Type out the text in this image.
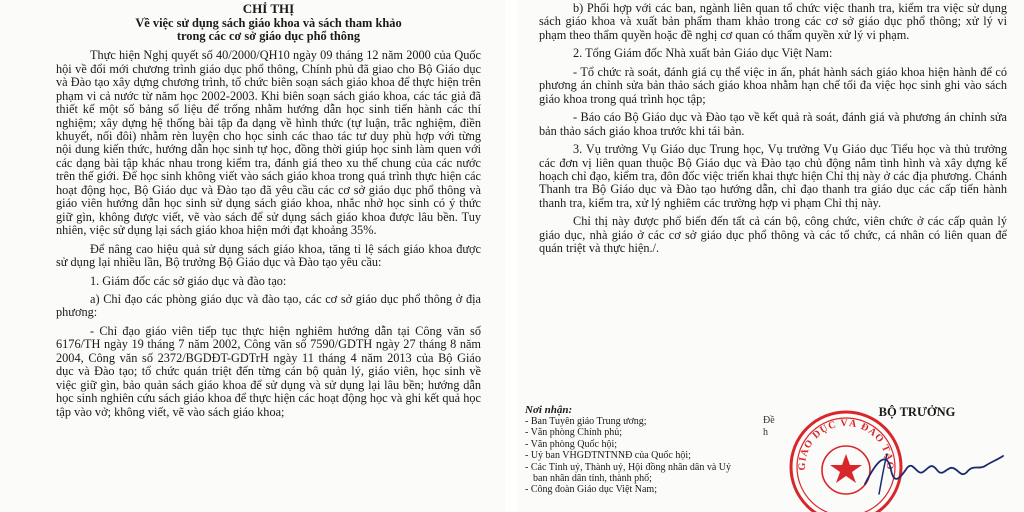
CHỈ THỊ

Về việc sử dụng sách giáo khoa và sách tham khảo

trong các cơ sở giáo dục phổ thông

Thực hiện Nghị quyết số 40/2000/QH10 ngày 09 tháng 12 năm 2000 của Quốc hội về đổi mới chương trình giáo dục phổ thông, Chính phủ đã giao cho Bộ Giáo dục và Đào tạo xây dựng chương trình, tổ chức biên soạn sách giáo khoa để thực hiện trên phạm vi cả nước từ năm học 2002-2003. Khi biên soạn sách giáo khoa, các tác giả đã thiết kế một số bảng số liệu để trống nhằm hướng dẫn học sinh tiến hành các thí nghiệm; xây dựng hệ thống bài tập đa dạng về hình thức (tự luận, trắc nghiệm, điền khuyết, nối đôi) nhằm rèn luyện cho học sinh các thao tác tư duy phù hợp với từng nội dung kiến thức, hướng dẫn học sinh tự học, đồng thời giúp học sinh làm quen với các dạng bài tập khác nhau trong kiểm tra, đánh giá theo xu thế chung của các nước trên thế giới. Để học sinh không viết vào sách giáo khoa trong quá trình thực hiện các hoạt động học, Bộ Giáo dục và Đào tạo đã yêu cầu các cơ sở giáo dục phổ thông và giáo viên hướng dẫn học sinh sử dụng sách giáo khoa, nhắc nhở học sinh có ý thức giữ gìn, không được viết, vẽ vào sách để sử dụng sách giáo khoa được lâu bền. Tuy nhiên, việc sử dụng lại sách giáo khoa hiện mới đạt khoảng 35%.

Để nâng cao hiệu quả sử dụng sách giáo khoa, tăng tỉ lệ sách giáo khoa được sử dụng lại nhiều lần, Bộ trưởng Bộ Giáo dục và Đào tạo yêu cầu:

1. Giám đốc các sở giáo dục và đào tạo:

a) Chỉ đạo các phòng giáo dục và đào tạo, các cơ sở giáo dục phổ thông ở địa phương:

- Chỉ đạo giáo viên tiếp tục thực hiện nghiêm hướng dẫn tại Công văn số 6176/TH ngày 19 tháng 7 năm 2002, Công văn số 7590/GDTH ngày 27 tháng 8 năm 2004, Công văn số 2372/BGDĐT-GDTrH ngày 11 tháng 4 năm 2013 của Bộ Giáo dục và Đào tạo; tổ chức quán triệt đến từng cán bộ quản lý, giáo viên, học sinh về việc giữ gìn, bảo quản sách giáo khoa để sử dụng và sử dụng lại lâu bền; hướng dẫn học sinh nghiên cứu sách giáo khoa để thực hiện các hoạt động học và ghi kết quả học tập vào vở; không viết, vẽ vào sách giáo khoa;

b) Phối hợp với các ban, ngành liên quan tổ chức việc thanh tra, kiểm tra việc sử dụng sách giáo khoa và xuất bản phẩm tham khảo trong các cơ sở giáo dục phổ thông; xử lý vi phạm theo thẩm quyền hoặc đề nghị cơ quan có thẩm quyền xử lý vi phạm.

2. Tổng Giám đốc Nhà xuất bản Giáo dục Việt Nam:

- Tổ chức rà soát, đánh giá cụ thể việc in ấn, phát hành sách giáo khoa hiện hành để có phương án chỉnh sửa bản thảo sách giáo khoa nhằm hạn chế tối đa việc học sinh ghi vào sách giáo khoa trong quá trình học tập;

- Báo cáo Bộ Giáo dục và Đào tạo về kết quả rà soát, đánh giá và phương án chỉnh sửa bản thảo sách giáo khoa trước khi tái bản.

3. Vụ trưởng Vụ Giáo dục Trung học, Vụ trưởng Vụ Giáo dục Tiểu học và thủ trưởng các đơn vị liên quan thuộc Bộ Giáo dục và Đào tạo chủ động nắm tình hình và xây dựng kế hoạch chỉ đạo, kiểm tra, đôn đốc việc triển khai thực hiện Chỉ thị này ở các địa phương. Chánh Thanh tra Bộ Giáo dục và Đào tạo hướng dẫn, chỉ đạo thanh tra giáo dục các cấp tiến hành thanh tra, kiểm tra, xử lý nghiêm các trường hợp vi phạm Chỉ thị này.

Chỉ thị này được phổ biến đến tất cả cán bộ, công chức, viên chức ở các cấp quản lý giáo dục, nhà giáo ở các cơ sở giáo dục phổ thông và các tổ chức, cá nhân có liên quan để quán triệt và thực hiện./.

Nơi nhận:

- Ban Tuyên giáo Trung ương;

- Văn phòng Chính phủ;

- Văn phòng Quốc hội;

- Uỷ ban VHGDTNTNNĐ của Quốc hội;

- Các Tỉnh uỷ, Thành uỷ, Hội đồng nhân dân và Uỷ

ban nhân dân tỉnh, thành phố;

- Công đoàn Giáo dục Việt Nam;

Đề
h
BỘ TRƯỞNG
GIÁO DỤC VÀ ĐÀO TẠO
